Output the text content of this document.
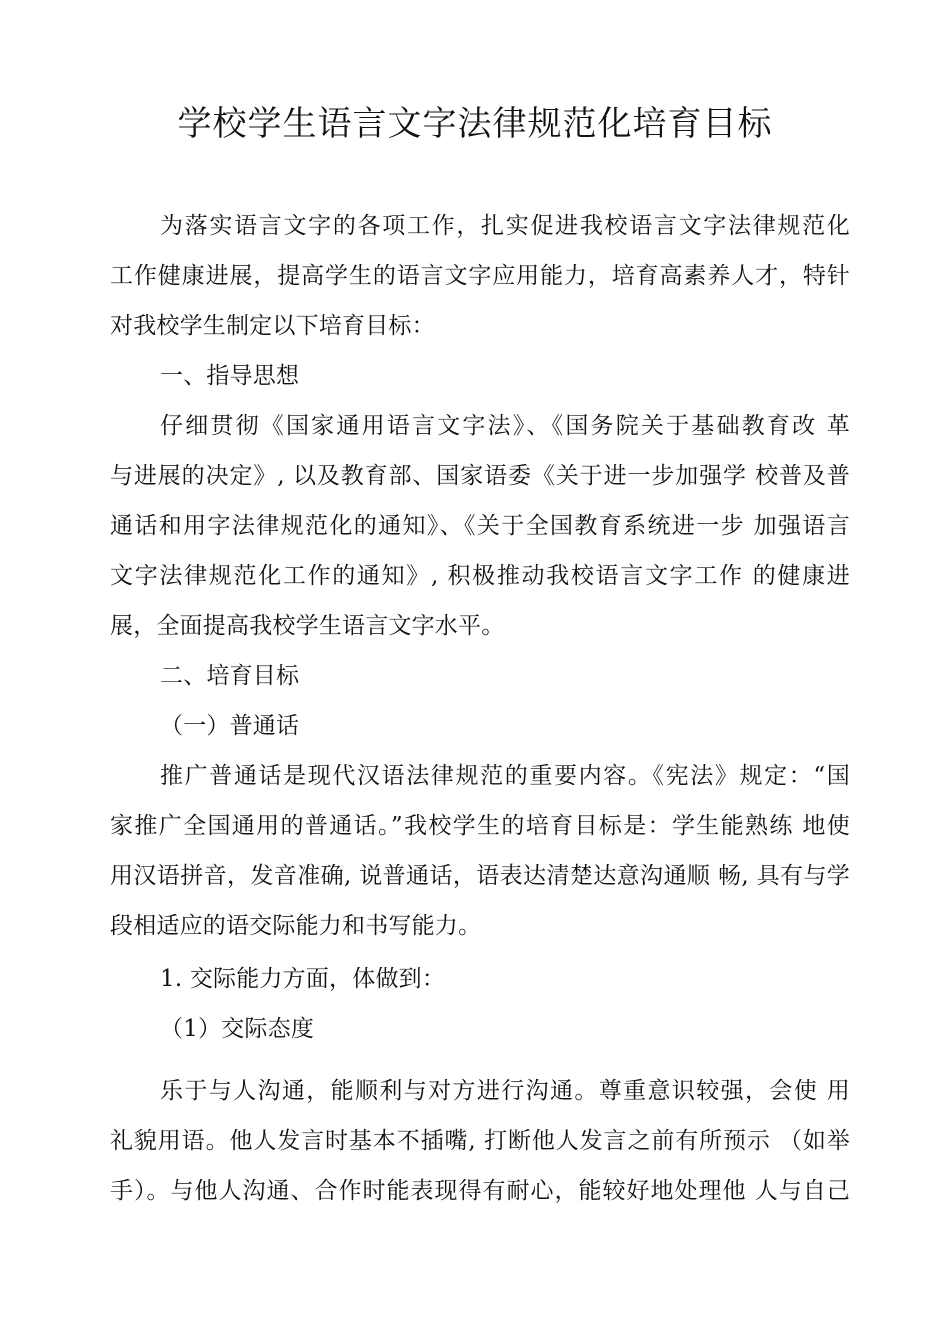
学校学生语言文字法律规范化培育目标
为落实语言文字的各项工作，扎实促进我校语言文字法律规范化
工作健康进展，提高学生的语言文字应用能力，培育高素养人才，特针
对我校学生制定以下培育目标：
一、指导思想
仔细贯彻《国家通用语言文字法》、《国务院关于基础教育改 革
与进展的决定》, 以及教育部、国家语委《关于进一步加强学 校普及普
通话和用字法律规范化的通知》、《关于全国教育系统进一步 加强语言
文字法律规范化工作的通知》, 积极推动我校语言文字工作 的健康进
展，全面提高我校学生语言文字水平。
二、培育目标
（一）普通话
推广普通话是现代汉语法律规范的重要内容。《宪法》规定：“国
家推广全国通用的普通话。”我校学生的培育目标是：学生能熟练 地使
用汉语拼音，发音准确, 说普通话，语表达清楚达意沟通顺 畅, 具有与学
段相适应的语交际能力和书写能力。
1. 交际能力方面，体做到：
（1）交际态度
乐于与人沟通，能顺利与对方进行沟通。尊重意识较强，会使 用
礼貌用语。他人发言时基本不插嘴, 打断他人发言之前有所预示 （如举
手）。与他人沟通、合作时能表现得有耐心，能较好地处理他 人与自己
